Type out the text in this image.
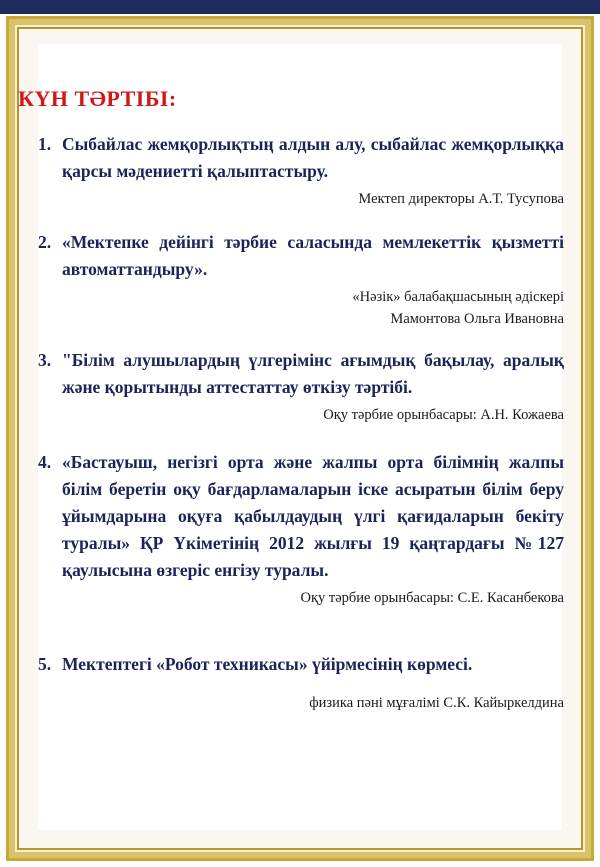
КҮН ТӘРТІБІ:
1. Сыбайлас жемқорлықтың алдын алу, сыбайлас жемқорлыққа қарсы мәдениетті қалыптастыру.
Мектеп директоры А.Т. Тусупова
2. «Мектепке дейінгі тәрбие саласында мемлекеттік қызметті автоматтандыру».
«Нәзік» балабақшасының әдіскері
Мамонтова Ольга Ивановна
3. "Білім алушылардың үлгерімінс ағымдық бақылау, аралық және қорытынды аттестаттау өткізу тәртібі.
Оқу тәрбие орынбасары: А.Н. Кожаева
4. «Бастауыш, негізгі орта және жалпы орта білімнің жалпы білім беретін оқу бағдарламаларын іске асыратын білім беру ұйымдарына оқуға қабылдаудың үлгі қағидаларын бекіту туралы» ҚР Үкіметінің 2012 жылғы 19 қаңтардағы №127 қаулысына өзгеріс енгізу туралы.
Оқу тәрбие орынбасары: С.Е. Касанбекова
5. Мектептегі «Робот техникасы» үйірмесінің көрмесі.
физика пәні мұғалімі С.К. Кайыркелдина
